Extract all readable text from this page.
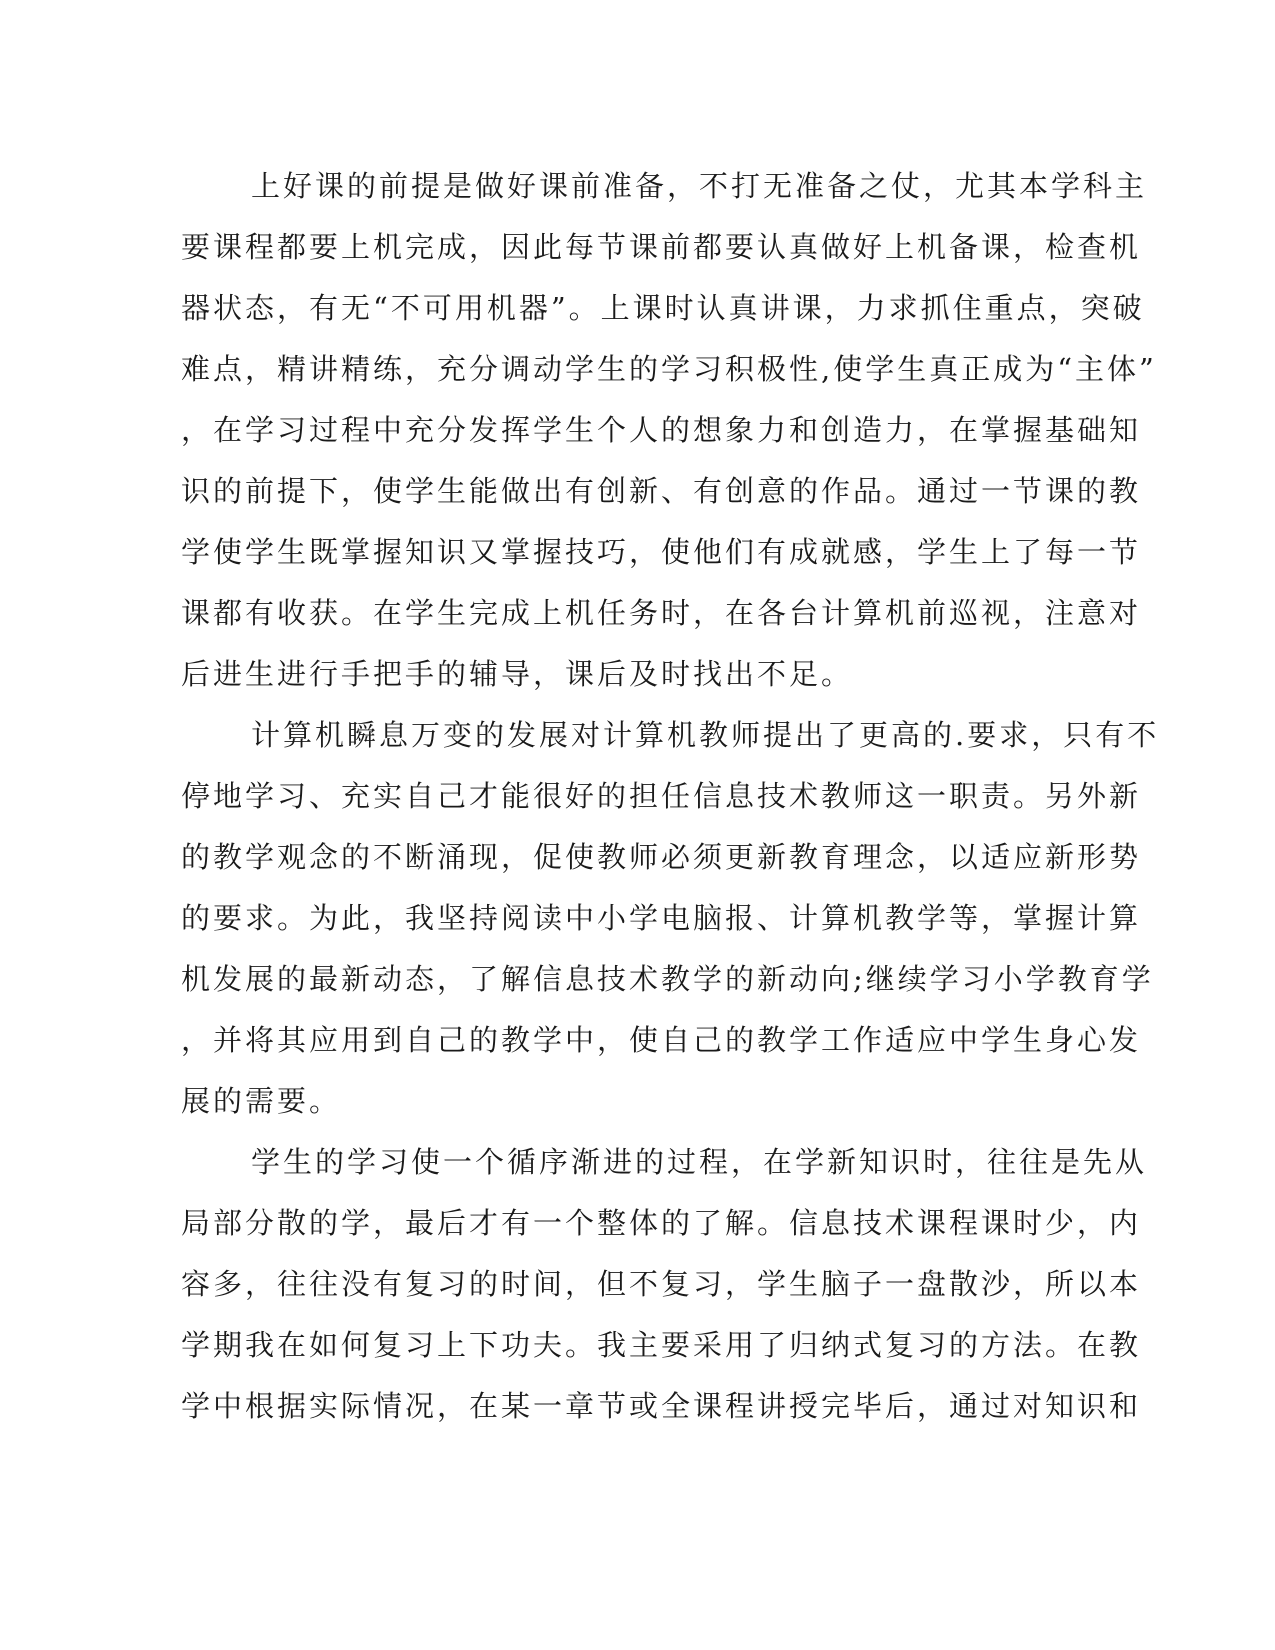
上好课的前提是做好课前准备，不打无准备之仗，尤其本学科主
要课程都要上机完成，因此每节课前都要认真做好上机备课，检查机
器状态，有无“不可用机器”。上课时认真讲课，力求抓住重点，突破
难点，精讲精练，充分调动学生的学习积极性,使学生真正成为“主体”
，在学习过程中充分发挥学生个人的想象力和创造力，在掌握基础知
识的前提下，使学生能做出有创新、有创意的作品。通过一节课的教
学使学生既掌握知识又掌握技巧，使他们有成就感，学生上了每一节
课都有收获。在学生完成上机任务时，在各台计算机前巡视，注意对
后进生进行手把手的辅导，课后及时找出不足。
计算机瞬息万变的发展对计算机教师提出了更高的.要求，只有不
停地学习、充实自己才能很好的担任信息技术教师这一职责。另外新
的教学观念的不断涌现，促使教师必须更新教育理念，以适应新形势
的要求。为此，我坚持阅读中小学电脑报、计算机教学等，掌握计算
机发展的最新动态，了解信息技术教学的新动向;继续学习小学教育学
，并将其应用到自己的教学中，使自己的教学工作适应中学生身心发
展的需要。
学生的学习使一个循序渐进的过程，在学新知识时，往往是先从
局部分散的学，最后才有一个整体的了解。信息技术课程课时少，内
容多，往往没有复习的时间，但不复习，学生脑子一盘散沙，所以本
学期我在如何复习上下功夫。我主要采用了归纳式复习的方法。在教
学中根据实际情况，在某一章节或全课程讲授完毕后，通过对知识和
